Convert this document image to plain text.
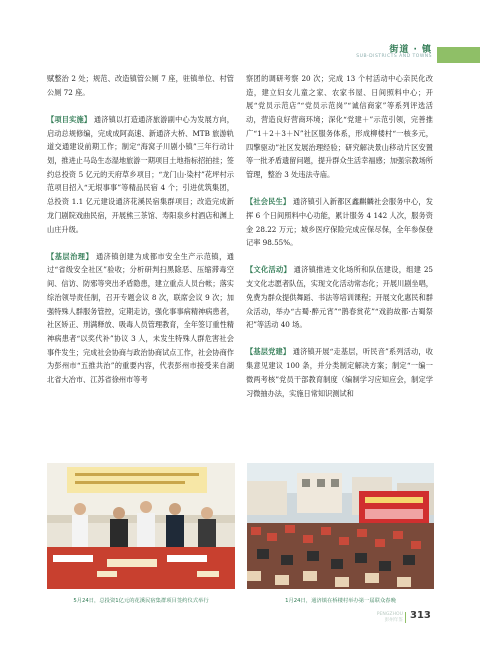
街道 · 镇
SUB-DISTRICTS AND TOWNS

赋整治 2 处；规范、改造镇管公厕 7 座，驻镇单位、村管公厕 72 座。

【项目实施】 通济镇以打造通济旅游副中心为发展方向，启动总规修编，完成成阿高速、新通济大桥、MTB 旅游轨道交通建设前期工作；制定“海窝子川剧小镇”三年行动计划，推进止马岛生态湿地旅游一期项目土地指标招拍挂；签约总投资 5 亿元的天府草乡项目；“龙门山·染村”花坪村示范项目招入“无垠事事”等精品民宿 4 个；引进优筑集团，总投资 1.1 亿元建设通济花溪民宿集群项目；改造完成新龙门剧院戏曲民宿，开展熊三茶馆、寿阳泉乡村酒店和渊上山庄升级。

【基层治理】 通济镇创建为成都市安全生产示范镇，通过“省级安全社区”验收；分析研判扫黑除恶、压缩滞毒空间、信访、防邪等突出矛盾隐患，建立重点人员台帐；落实综治领导责任制，召开专题会议 8 次，联席会议 9 次；加强特殊人群服务管控，定期走访，强化事事病精神病患者，社区矫正、刑满释放、吸毒人员管理教育，全年签订重性精神病患者“以奖代补”协议 3 人，未发生特殊人群危害社会事件发生；完成社会协商与政治协商试点工作，社会协商作为彭州市“五推共治”的重要内容，代表彭州市接受来自湖北省大冶市、江苏省徐州市等考

察团的调研考察 20 次；完成 13 个村活动中心亲民化改造，建立妇女儿童之家、农家书屋、日间照料中心；开展“党员示范店”“党员示范岗”“诚信商家”等系列评选活动，营造良好营商环境；深化“党建＋”示范引领，完善推广“1＋2＋3＋N”社区服务体系，形成柳楼村“一核多元，四擎驱动”社区发展治理经验；研究解决景山移动片区安置等一批矛盾遗留问题，提升群众生活幸福感；加强宗教场所管理，整治 3 处违法寺庙。

【社会民生】 通济镇引入新都区鑫麒麟社会服务中心，发挥 6 个日间照料中心功能，累计服务 4 142 人次，服务资金 28.22 万元；城乡医疗保险完成应保尽保，全年参保登记率 98.55%。

【文化活动】 通济镇推进文化场所和队伍建设，组建 25 支文化志愿者队伍，实现文化活动常态化；开展川剧坐唱，免费为群众提供舞蹈、书法等培训课程；开展文化惠民和群众活动，举办“古蜀·醉元宵”“鹊春赏花”“戏韵故都·古蜀祭祀”等活动 40 场。

【基层党建】 通济镇开展“走基层，听民音”系列活动，收集意见建议 100 条，并分类制定解决方案；制定“一编一微两考核”党员干部教育制度（编制学习应知应会，制定学习微抽办法，实施日常知识测试和

5月24日，总投资1亿元的花溪民宿集群项目签约仪式举行	1月24日，通济镇在桥楼村举办第一届联众春晚
PENGZHOU
彭州年鉴 313
